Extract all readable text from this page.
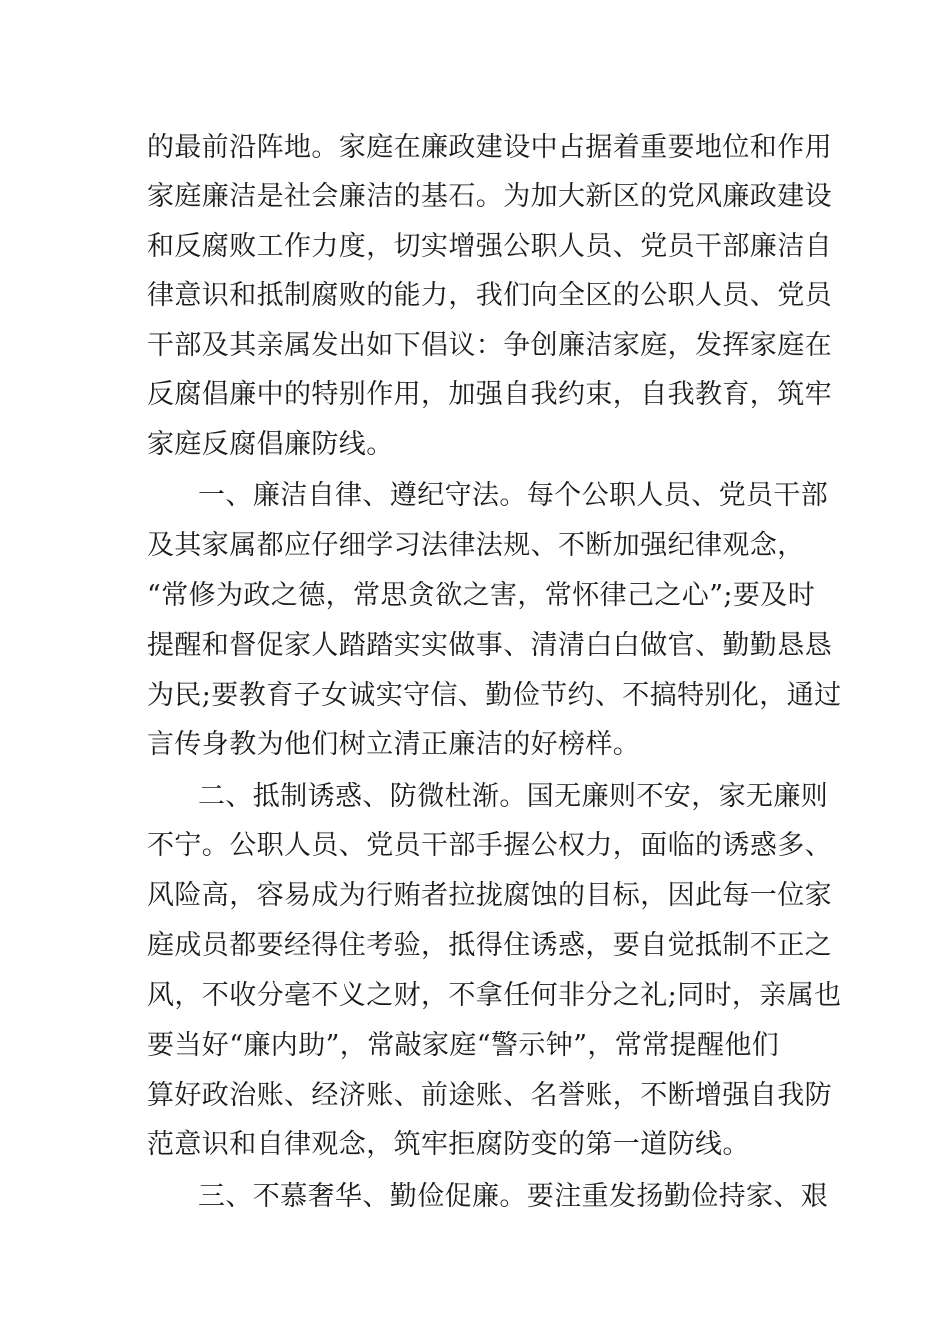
的最前沿阵地。家庭在廉政建设中占据着重要地位和作用
家庭廉洁是社会廉洁的基石。为加大新区的党风廉政建设
和反腐败工作力度，切实增强公职人员、党员干部廉洁自
律意识和抵制腐败的能力，我们向全区的公职人员、党员
干部及其亲属发出如下倡议：争创廉洁家庭，发挥家庭在
反腐倡廉中的特别作用，加强自我约束，自我教育，筑牢
家庭反腐倡廉防线。
一、廉洁自律、遵纪守法。每个公职人员、党员干部
及其家属都应仔细学习法律法规、不断加强纪律观念，
“常修为政之德，常思贪欲之害，常怀律己之心”;要及时
提醒和督促家人踏踏实实做事、清清白白做官、勤勤恳恳
为民;要教育子女诚实守信、勤俭节约、不搞特别化，通过
言传身教为他们树立清正廉洁的好榜样。
二、抵制诱惑、防微杜渐。国无廉则不安，家无廉则
不宁。公职人员、党员干部手握公权力，面临的诱惑多、
风险高，容易成为行贿者拉拢腐蚀的目标，因此每一位家
庭成员都要经得住考验，抵得住诱惑，要自觉抵制不正之
风，不收分毫不义之财，不拿任何非分之礼;同时，亲属也
要当好“廉内助”，常敲家庭“警示钟”，常常提醒他们
算好政治账、经济账、前途账、名誉账，不断增强自我防
范意识和自律观念，筑牢拒腐防变的第一道防线。
三、不慕奢华、勤俭促廉。要注重发扬勤俭持家、艰
